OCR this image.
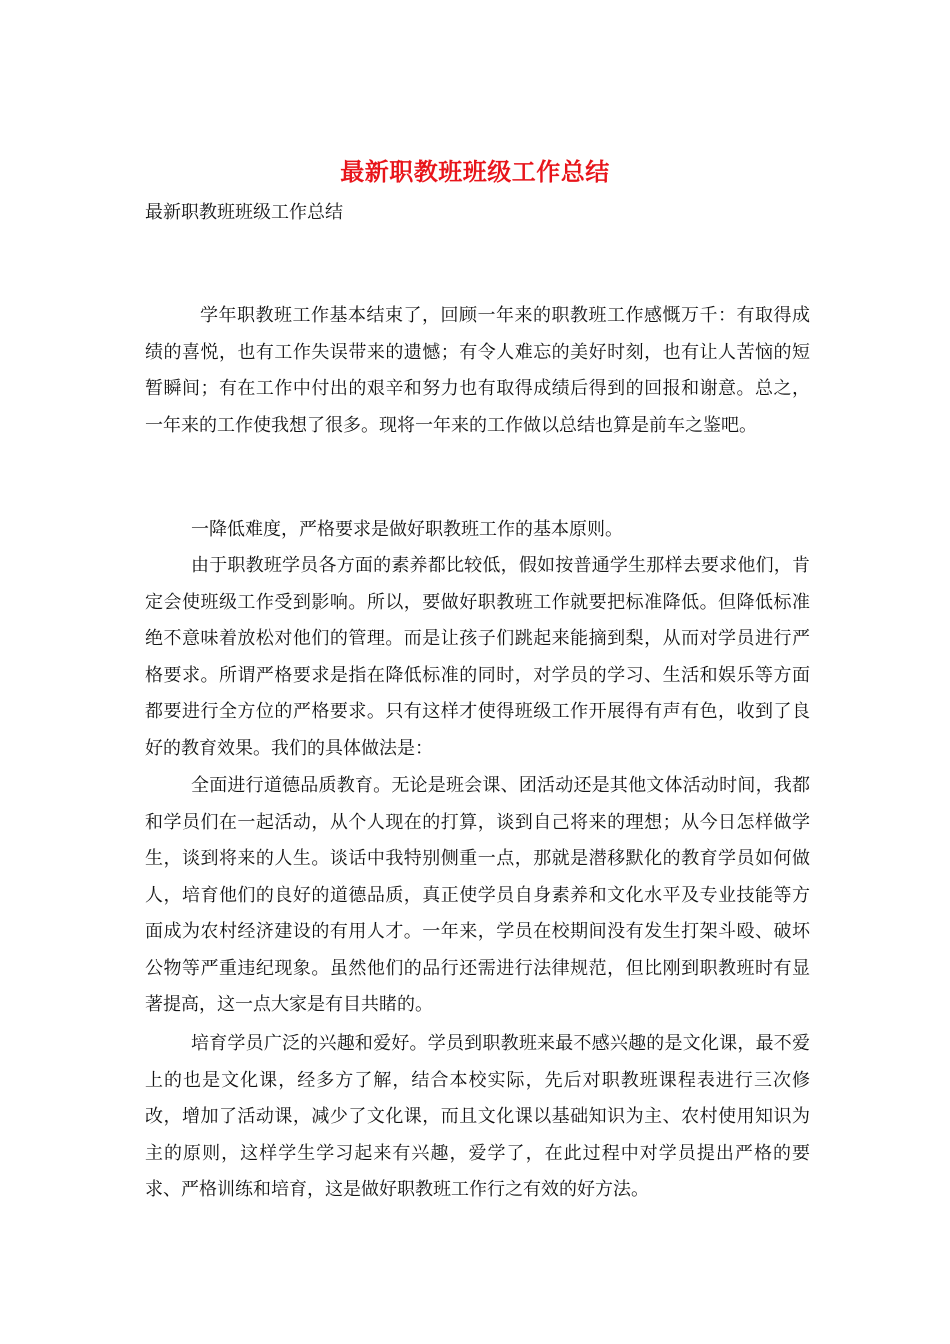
最新职教班班级工作总结
最新职教班班级工作总结

学年职教班工作基本结束了，回顾一年来的职教班工作感慨万千：有取得成绩的喜悦，也有工作失误带来的遗憾；有令人难忘的美好时刻，也有让人苦恼的短暂瞬间；有在工作中付出的艰辛和努力也有取得成绩后得到的回报和谢意。总之，一年来的工作使我想了很多。现将一年来的工作做以总结也算是前车之鉴吧。

一降低难度，严格要求是做好职教班工作的基本原则。

由于职教班学员各方面的素养都比较低，假如按普通学生那样去要求他们，肯定会使班级工作受到影响。所以，要做好职教班工作就要把标准降低。但降低标准绝不意味着放松对他们的管理。而是让孩子们跳起来能摘到梨，从而对学员进行严格要求。所谓严格要求是指在降低标准的同时，对学员的学习、生活和娱乐等方面都要进行全方位的严格要求。只有这样才使得班级工作开展得有声有色，收到了良好的教育效果。我们的具体做法是：

全面进行道德品质教育。无论是班会课、团活动还是其他文体活动时间，我都和学员们在一起活动，从个人现在的打算，谈到自己将来的理想；从今日怎样做学生，谈到将来的人生。谈话中我特别侧重一点，那就是潜移默化的教育学员如何做人，培育他们的良好的道德品质，真正使学员自身素养和文化水平及专业技能等方面成为农村经济建设的有用人才。一年来，学员在校期间没有发生打架斗殴、破坏公物等严重违纪现象。虽然他们的品行还需进行法律规范，但比刚到职教班时有显著提高，这一点大家是有目共睹的。

培育学员广泛的兴趣和爱好。学员到职教班来最不感兴趣的是文化课，最不爱上的也是文化课，经多方了解，结合本校实际，先后对职教班课程表进行三次修改，增加了活动课，减少了文化课，而且文化课以基础知识为主、农村使用知识为主的原则，这样学生学习起来有兴趣，爱学了，在此过程中对学员提出严格的要求、严格训练和培育，这是做好职教班工作行之有效的好方法。
